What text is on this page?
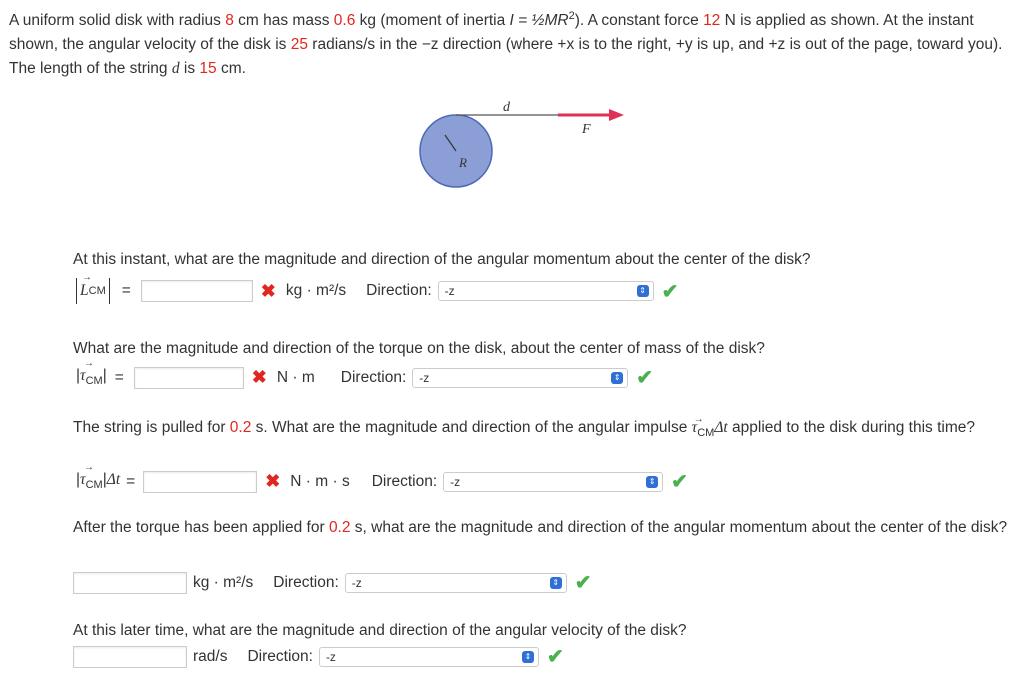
A uniform solid disk with radius 8 cm has mass 0.6 kg (moment of inertia $I = \frac{1}{2}MR^2$). A constant force 12 N is applied as shown. At the instant shown, the angular velocity of the disk is 25 radians/s in the −z direction (where +x is to the right, +y is up, and +z is out of the page, toward you). The length of the string d is 15 cm.
d
F
R
At this instant, what are the magnitude and direction of the angular momentum about the center of the disk?
→
L CM =	✖ kg · m²/s Direction: -z	⇕ ✔
What are the magnitude and direction of the torque on the disk, about the center of mass of the disk?
|
→
$\tau_{CM}|$ =	✖ N · m Direction: -z	⇕ ✔
The string is pulled for 0.2 s. What are the magnitude and direction of the angular impulse →
$\tau_{CM}\Delta t$ applied to the disk during this time?
|
→
$\tau_{CM}|\Delta t$ =	✖ N · m · s Direction: -z	⇕ ✔
After the torque has been applied for 0.2 s, what are the magnitude and direction of the angular momentum about the center of the disk?
kg · m²/s Direction: -z	⇕ ✔
At this later time, what are the magnitude and direction of the angular velocity of the disk?
rad/s Direction: -z	⇕ ✔
